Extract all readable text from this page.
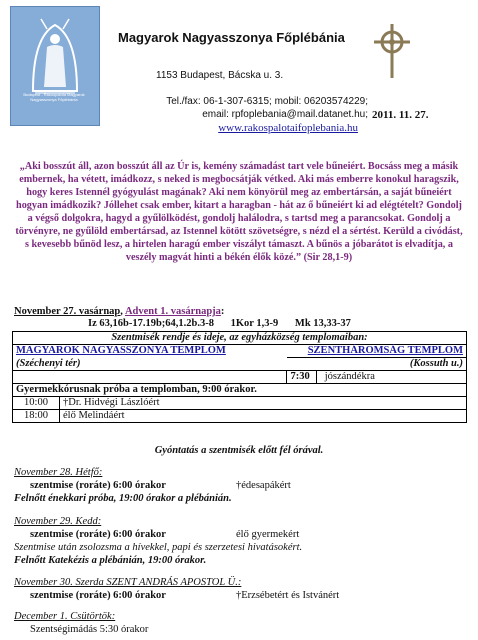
Budapest - Rákospalota Magyarok Nagyasszonya Főplébánia
Magyarok Nagyasszonya Főplébánia
1153 Budapest, Bácska u. 3.
Tel./fax: 06-1-307-6315; mobil: 06203574229;
email: rpfoplebania@mail.datanet.hu;
www.rakospalotaifoplebania.hu
2011. 11. 27.
„Aki bosszút áll, azon bosszút áll az Úr is, kemény számadást tart vele bűneiért. Bocsáss meg a másik embernek, ha vétett, imádkozz, s neked is megbocsátják vétked. Aki más emberre konokul haragszik, hogy keres Istennél gyógyulást magának? Aki nem könyörül meg az embertársán, a saját bűneiért hogyan imádkozik? Jóllehet csak ember, kitart a haragban - hát az ő bűneiért ki ad elégtételt? Gondolj a végső dolgokra, hagyd a gyűlölködést, gondolj halálodra, s tartsd meg a parancsokat. Gondolj a törvényre, ne gyűlöld embertársad, az Istennel kötött szövetségre, s nézd el a sértést. Kerüld a civódást, s kevesebb bűnöd lesz, a hirtelen haragú ember viszályt támaszt. A bűnös a jóbarátot is elvadítja, a veszély magvát hinti a békén élők közé.” (Sir 28,1-9)
November 27. vasárnap, Advent 1. vasárnapja:
Iz 63,16b-17.19b;64,1.2b.3-8 1Kor 1,3-9 Mk 13,33-37
Szentmisék rendje és ideje, az egyházközség templomaiban:		
MAGYAROK NAGYASSZONYA TEMPLOM		SZENTHÁROMSÁG TEMPLOM
(Széchenyi tér)		(Kossuth u.)
		7:30 jószándékra
Gyermekkórusnak próba a templomban, 9:00 órakor.		
10:00	†Dr. Hidvégi Lászlóért	
18:00	élő Melindáért	
Gyóntatás a szentmisék előtt fél órával.
November 28. Hétfő:
szentmise (roráte) 6:00 órakor	†édesapákért
Felnőtt énekkari próba, 19:00 órakor a plébánián.
November 29. Kedd:
szentmise (roráte) 6:00 órakor	élő gyermekért
Szentmise után zsolozsma a hívekkel, papi és szerzetesi hivatásokért.
Felnőtt Katekézis a plébánián, 19:00 órakor.
November 30. Szerda SZENT ANDRÁS APOSTOL Ü.:
szentmise (roráte) 6:00 órakor	†Erzsébetért és Istvánért
December 1. Csütörtök:
Szentségimádás 5:30 órakor
